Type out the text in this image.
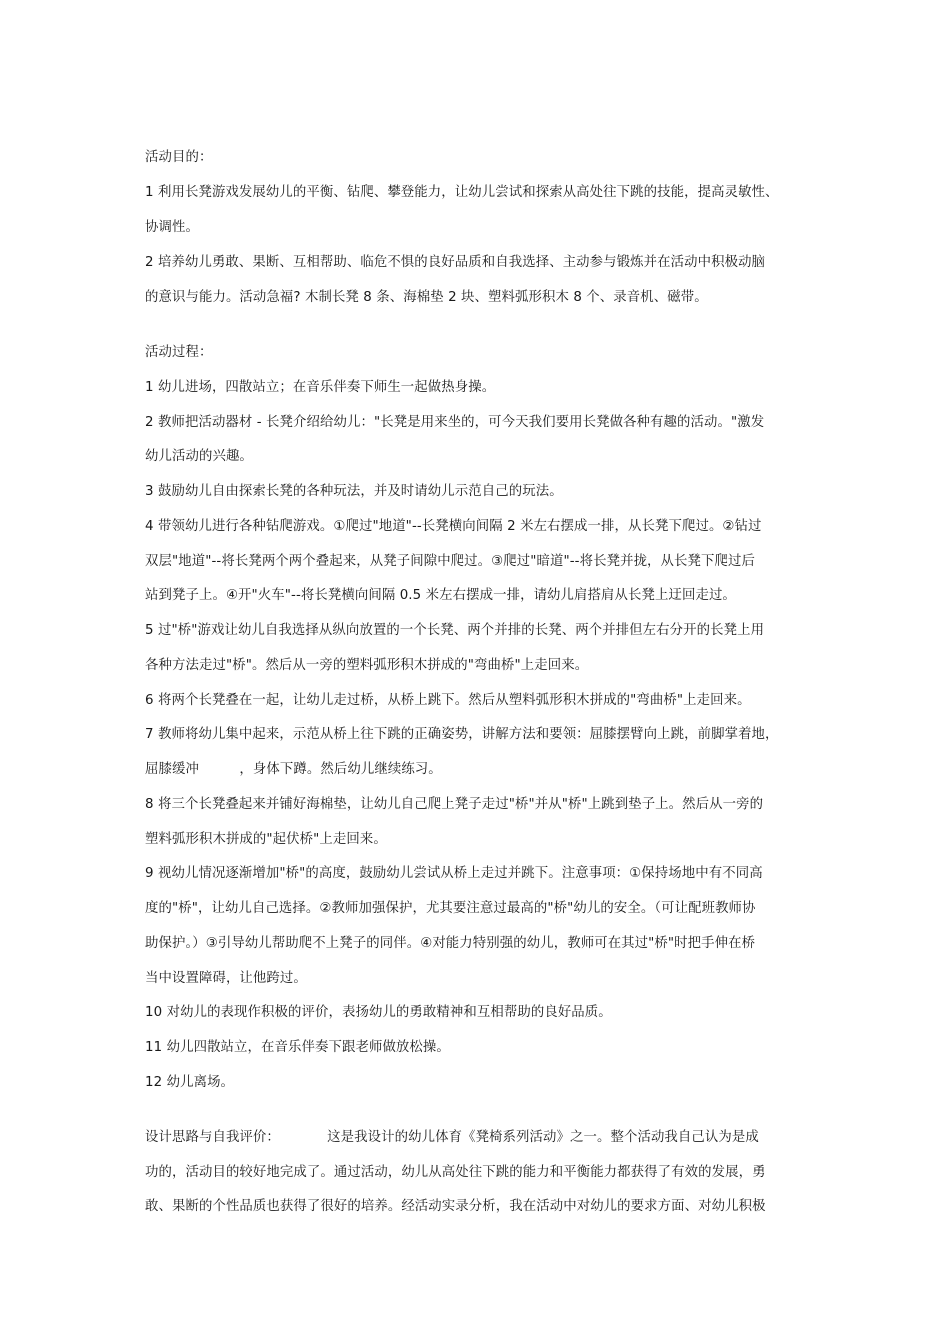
活动目的：
1 利用长凳游戏发展幼儿的平衡、钻爬、攀登能力，让幼儿尝试和探索从高处往下跳的技能，提高灵敏性、
协调性。
2 培养幼儿勇敢、果断、互相帮助、临危不惧的良好品质和自我选择、主动参与锻炼并在活动中积极动脑
的意识与能力。活动急福? 木制长凳 8 条、海棉垫 2 块、塑料弧形积木 8 个、录音机、磁带。
活动过程：
1 幼儿进场，四散站立；在音乐伴奏下师生一起做热身操。
2 教师把活动器材 - 长凳介绍给幼儿："长凳是用来坐的，可今天我们要用长凳做各种有趣的活动。"激发
幼儿活动的兴趣。
3 鼓励幼儿自由探索长凳的各种玩法，并及时请幼儿示范自己的玩法。
4 带领幼儿进行各种钻爬游戏。①爬过"地道"--长凳横向间隔 2 米左右摆成一排，从长凳下爬过。②钻过
双层"地道"--将长凳两个两个叠起来，从凳子间隙中爬过。③爬过"暗道"--将长凳并拢，从长凳下爬过后
站到凳子上。④开"火车"--将长凳横向间隔 0.5 米左右摆成一排，请幼儿肩搭肩从长凳上迂回走过。
5 过"桥"游戏让幼儿自我选择从纵向放置的一个长凳、两个并排的长凳、两个并排但左右分开的长凳上用
各种方法走过"桥"。然后从一旁的塑料弧形积木拼成的"弯曲桥"上走回来。
6 将两个长凳叠在一起，让幼儿走过桥，从桥上跳下。然后从塑料弧形积木拼成的"弯曲桥"上走回来。
7 教师将幼儿集中起来，示范从桥上往下跳的正确姿势，讲解方法和要领：屈膝摆臂向上跳，前脚掌着地，
屈膝缓冲　　　，身体下蹲。然后幼儿继续练习。
8 将三个长凳叠起来并铺好海棉垫，让幼儿自己爬上凳子走过"桥"并从"桥"上跳到垫子上。然后从一旁的
塑料弧形积木拼成的"起伏桥"上走回来。
9 视幼儿情况逐渐增加"桥"的高度，鼓励幼儿尝试从桥上走过并跳下。注意事项：①保持场地中有不同高
度的"桥"，让幼儿自己选择。②教师加强保护，尤其要注意过最高的"桥"幼儿的安全。（可让配班教师协
助保护。）③引导幼儿帮助爬不上凳子的同伴。④对能力特别强的幼儿，教师可在其过"桥"时把手伸在桥
当中设置障碍，让他跨过。
10 对幼儿的表现作积极的评价，表扬幼儿的勇敢精神和互相帮助的良好品质。
11 幼儿四散站立，在音乐伴奏下跟老师做放松操。
12 幼儿离场。
设计思路与自我评价：　　　　这是我设计的幼儿体育《凳椅系列活动》之一。整个活动我自己认为是成
功的，活动目的较好地完成了。通过活动，幼儿从高处往下跳的能力和平衡能力都获得了有效的发展，勇
敢、果断的个性品质也获得了很好的培养。经活动实录分析，我在活动中对幼儿的要求方面、对幼儿积极
